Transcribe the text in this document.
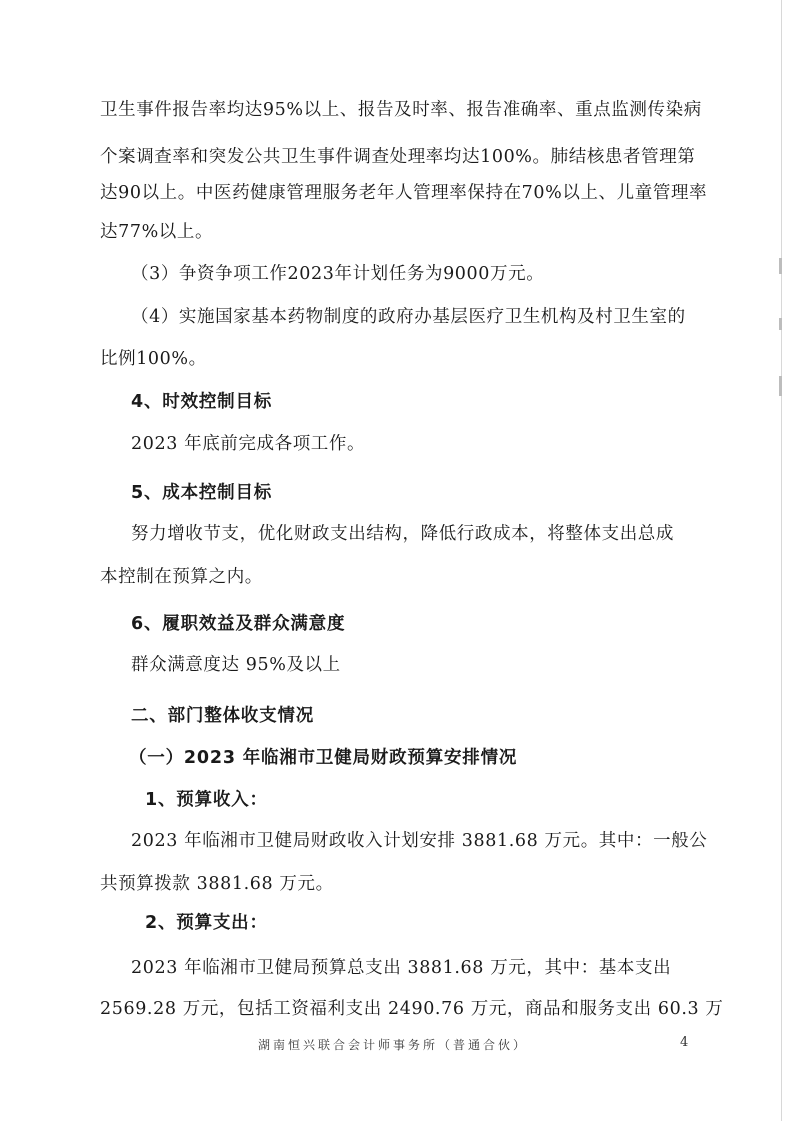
卫生事件报告率均达95%以上、报告及时率、报告准确率、重点监测传染病
个案调查率和突发公共卫生事件调查处理率均达100%。肺结核患者管理第
达90以上。中医药健康管理服务老年人管理率保持在70%以上、儿童管理率
达77%以上。
（3）争资争项工作2023年计划任务为9000万元。
（4）实施国家基本药物制度的政府办基层医疗卫生机构及村卫生室的
比例100%。
4、时效控制目标
2023 年底前完成各项工作。
5、成本控制目标
努力增收节支，优化财政支出结构，降低行政成本，将整体支出总成
本控制在预算之内。
6、履职效益及群众满意度
群众满意度达 95%及以上
二、部门整体收支情况
（一）2023 年临湘市卫健局财政预算安排情况
1、预算收入：
2023 年临湘市卫健局财政收入计划安排 3881.68 万元。其中：一般公
共预算拨款 3881.68 万元。
2、预算支出：
2023 年临湘市卫健局预算总支出 3881.68 万元，其中：基本支出
2569.28 万元，包括工资福利支出 2490.76 万元，商品和服务支出 60.3 万
湖南恒兴联合会计师事务所（普通合伙）	4
